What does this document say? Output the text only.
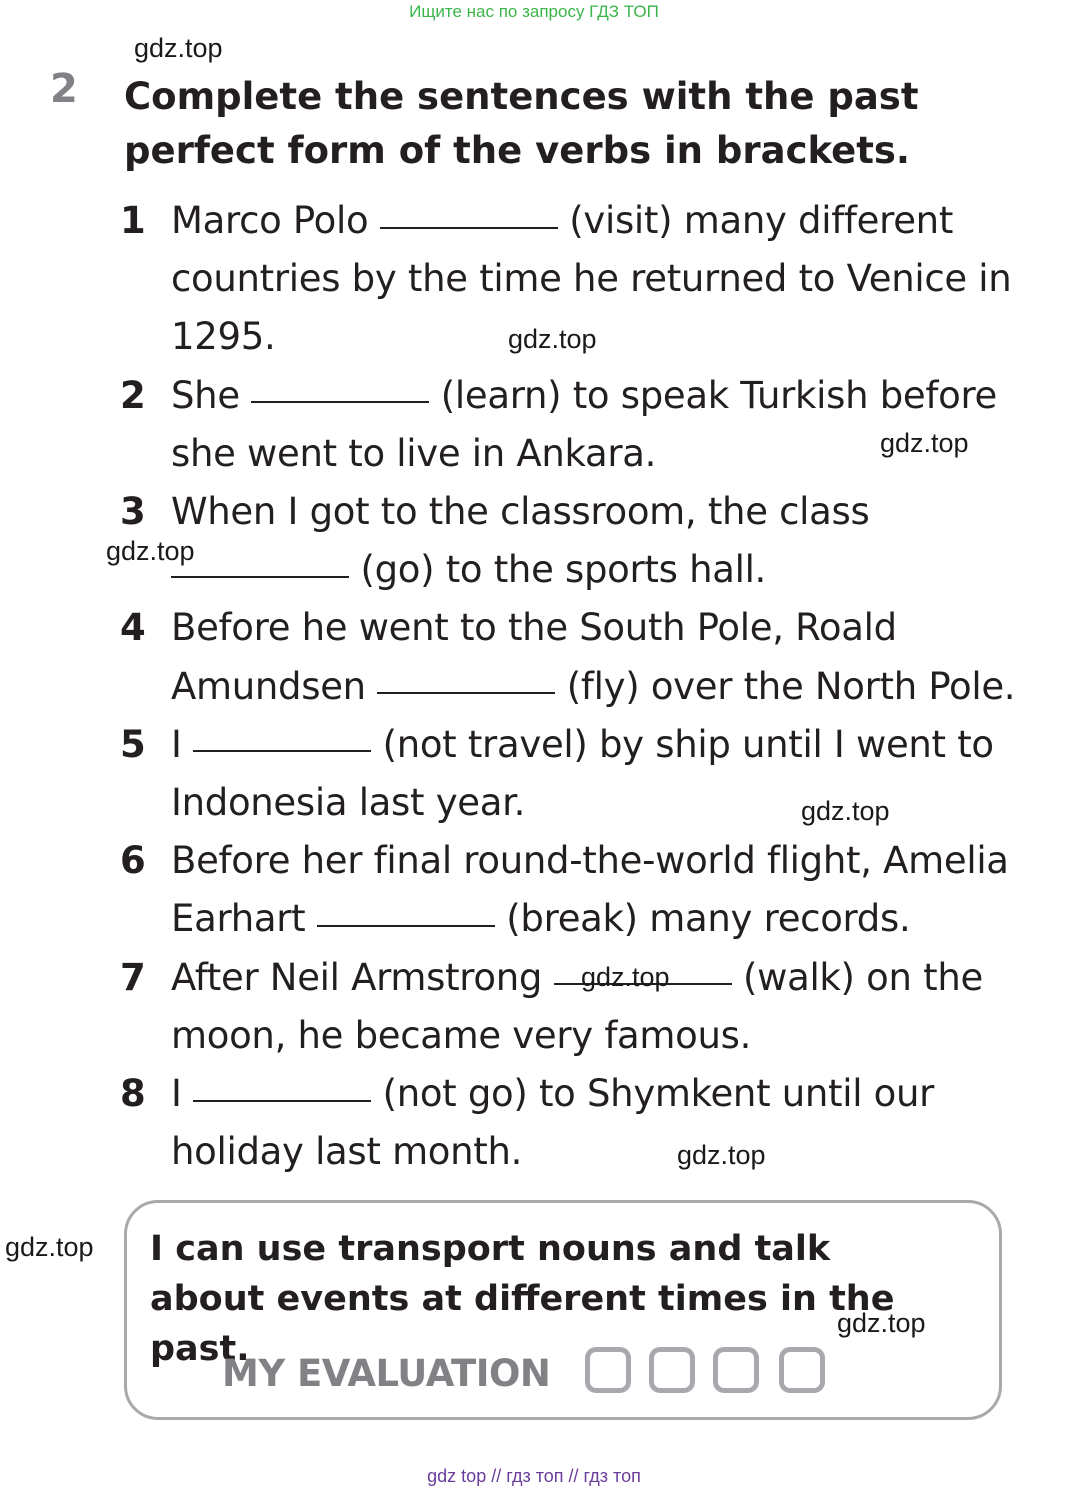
Ищите нас по запросу ГДЗ ТОП
2 Complete the sentences with the past perfect form of the verbs in brackets.
1 Marco Polo	(visit) many different countries by the time he returned to Venice in 1295.
2 She	(learn) to speak Turkish before she went to live in Ankara.
3 When I got to the classroom, the class  (go) to the sports hall.
4 Before he went to the South Pole, Roald Amundsen	(fly) over the North Pole.
5 I	(not travel) by ship until I went to Indonesia last year.
6 Before her final round-the-world flight, Amelia Earhart	(break) many records.
7 After Neil Armstrong	(walk) on the moon, he became very famous.
8 I	(not go) to Shymkent until our holiday last month.
I can use transport nouns and talk about events at different times in the past.
MY EVALUATION
gdz.top
gdz.top
gdz.top
gdz.top
gdz.top
gdz.top
gdz.top
gdz.top
gdz.top
gdz top // гдз топ // гдз топ
